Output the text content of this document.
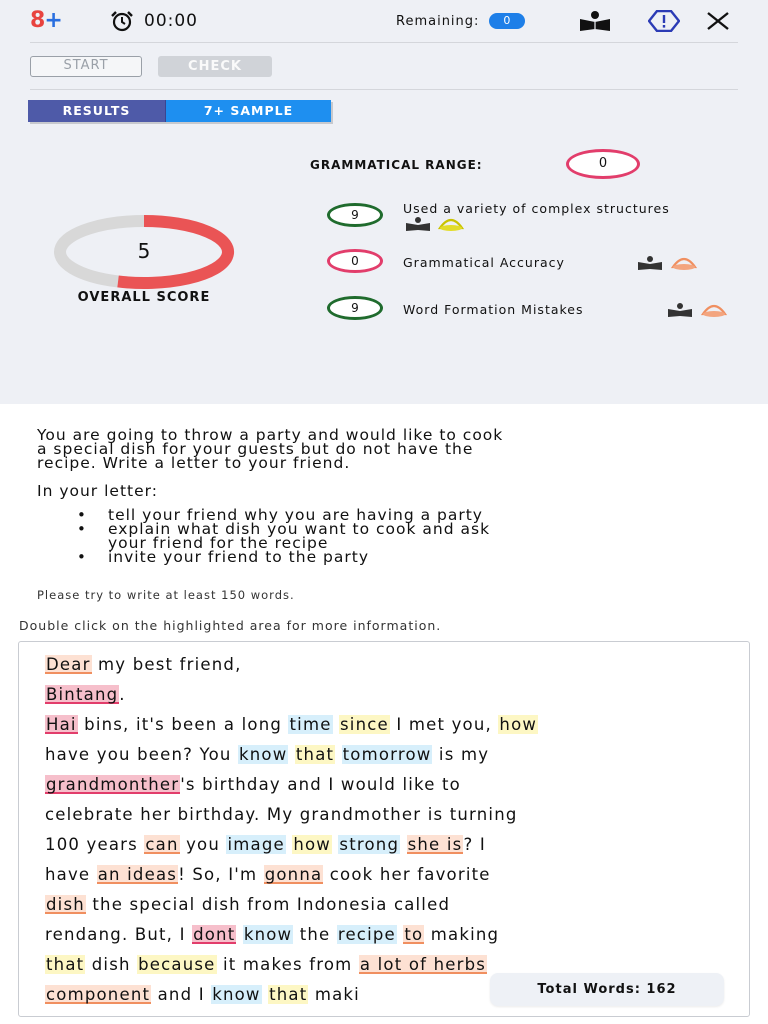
8+	00:00	Remaining:	0
START	CHECK
RESULTS	7+ SAMPLE
5
OVERALL SCORE
GRAMMATICAL RANGE:	0
9	Used a variety of complex structures
0	Grammatical Accuracy
9	Word Formation Mistakes
You are going to throw a party and would like to cook
a special dish for your guests but do not have the
recipe. Write a letter to your friend.
In your letter:
• tell your friend why you are having a party
• explain what dish you want to cook and ask
your friend for the recipe
• invite your friend to the party
Please try to write at least 150 words.
Double click on the highlighted area for more information.
Dear my best friend,
Bintang.
Hai bins, it's been a long time since I met you, how
have you been? You know that tomorrow is my
grandmonther's birthday and I would like to
celebrate her birthday. My grandmother is turning
100 years can you image how strong she is? I
have an ideas! So, I'm gonna cook her favorite
dish the special dish from Indonesia called
rendang. But, I dont know the recipe to making
that dish because it makes from a lot of herbs
component and I know that maki	Total Words: 162
